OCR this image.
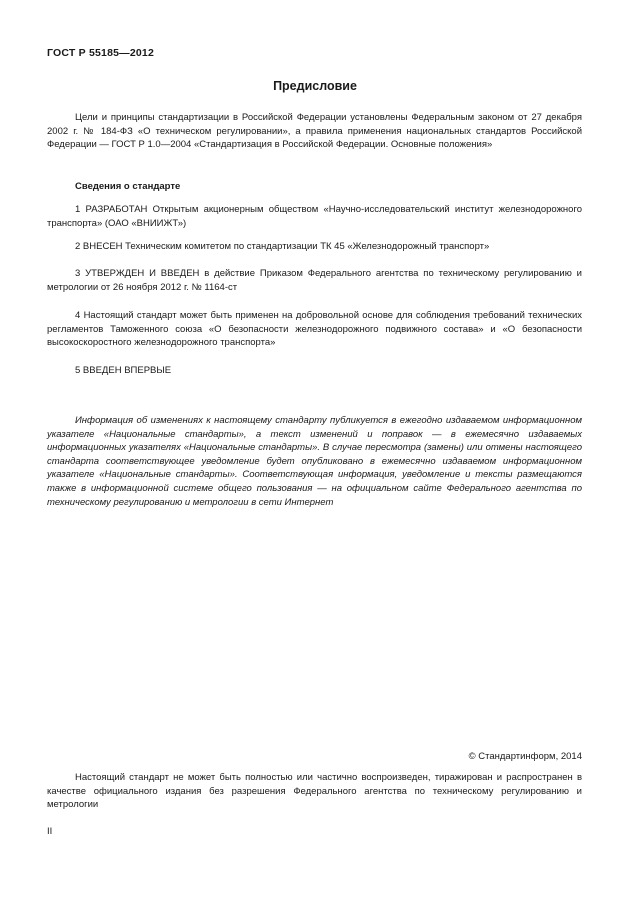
ГОСТ Р 55185—2012
Предисловие
Цели и принципы стандартизации в Российской Федерации установлены Федеральным законом от 27 декабря 2002 г. № 184-ФЗ «О техническом регулировании», а правила применения национальных стандартов Российской Федерации — ГОСТ Р 1.0—2004 «Стандартизация в Российской Федерации. Основные положения»
Сведения о стандарте
1 РАЗРАБОТАН Открытым акционерным обществом «Научно-исследовательский институт железнодорожного транспорта» (ОАО «ВНИИЖТ»)
2 ВНЕСЕН Техническим комитетом по стандартизации ТК 45 «Железнодорожный транспорт»
3 УТВЕРЖДЕН И ВВЕДЕН в действие Приказом Федерального агентства по техническому регулированию и метрологии от 26 ноября 2012 г. № 1164-ст
4 Настоящий стандарт может быть применен на добровольной основе для соблюдения требований технических регламентов Таможенного союза «О безопасности железнодорожного подвижного состава» и «О безопасности высокоскоростного железнодорожного транспорта»
5 ВВЕДЕН ВПЕРВЫЕ
Информация об изменениях к настоящему стандарту публикуется в ежегодно издаваемом информационном указателе «Национальные стандарты», а текст изменений и поправок — в ежемесячно издаваемых информационных указателях «Национальные стандарты». В случае пересмотра (замены) или отмены настоящего стандарта соответствующее уведомление будет опубликовано в ежемесячно издаваемом информационном указателе «Национальные стандарты». Соответствующая информация, уведомление и тексты размещаются также в информационной системе общего пользования — на официальном сайте Федерального агентства по техническому регулированию и метрологии в сети Интернет
© Стандартинформ, 2014
Настоящий стандарт не может быть полностью или частично воспроизведен, тиражирован и распространен в качестве официального издания без разрешения Федерального агентства по техническому регулированию и метрологии
II
